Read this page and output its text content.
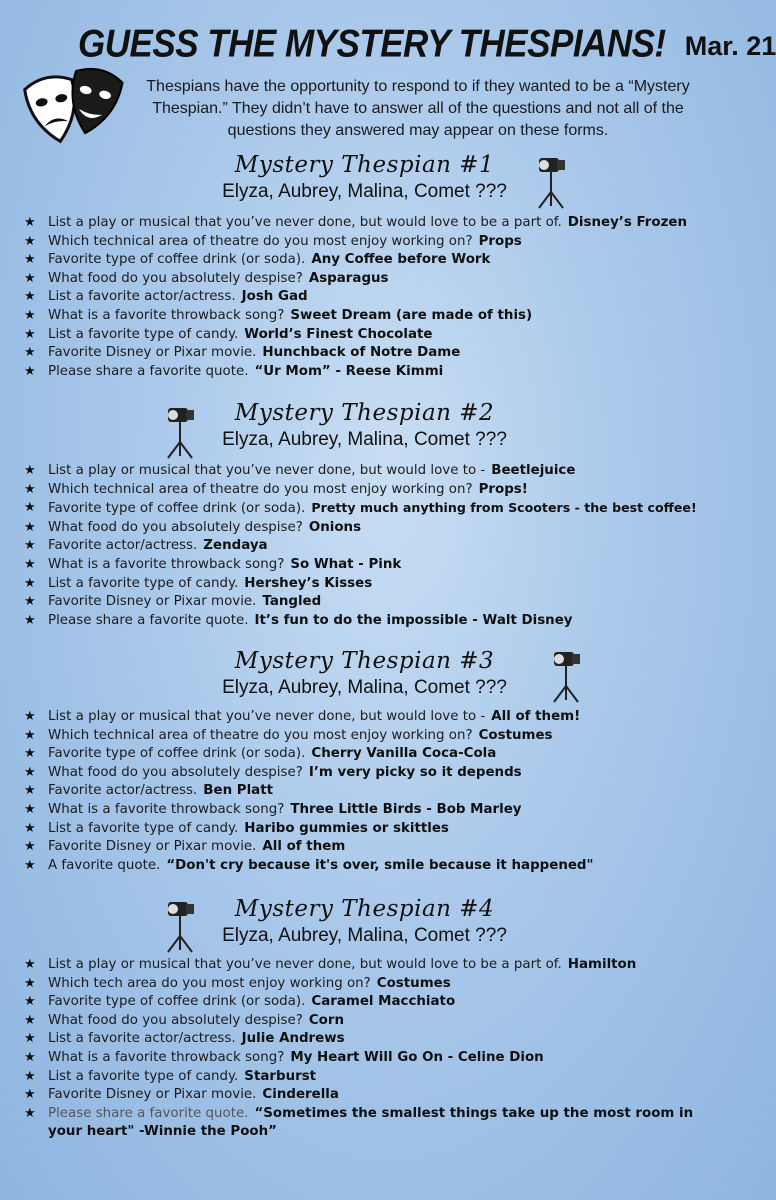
GUESS THE MYSTERY THESPIANS! Mar. 21
Thespians have the opportunity to respond to if they wanted to be a “Mystery Thespian.” They didn’t have to answer all of the questions and not all of the questions they answered may appear on these forms.
Mystery Thespian #1
Elyza, Aubrey, Malina, Comet ???
★ List a play or musical that you’ve never done, but would love to be a part of. Disney’s Frozen
★ Which technical area of theatre do you most enjoy working on? Props
★ Favorite type of coffee drink (or soda). Any Coffee before Work
★ What food do you absolutely despise? Asparagus
★ List a favorite actor/actress. Josh Gad
★ What is a favorite throwback song? Sweet Dream (are made of this)
★ List a favorite type of candy. World’s Finest Chocolate
★ Favorite Disney or Pixar movie. Hunchback of Notre Dame
★ Please share a favorite quote. “Ur Mom” - Reese Kimmi
Mystery Thespian #2
Elyza, Aubrey, Malina, Comet ???
★ List a play or musical that you’ve never done, but would love to - Beetlejuice
★ Which technical area of theatre do you most enjoy working on? Props!
★ Favorite type of coffee drink (or soda). Pretty much anything from Scooters - the best coffee!
★ What food do you absolutely despise? Onions
★ Favorite actor/actress. Zendaya
★ What is a favorite throwback song? So What - Pink
★ List a favorite type of candy. Hershey’s Kisses
★ Favorite Disney or Pixar movie. Tangled
★ Please share a favorite quote. It’s fun to do the impossible - Walt Disney
Mystery Thespian #3
Elyza, Aubrey, Malina, Comet ???
★ List a play or musical that you’ve never done, but would love to - All of them!
★ Which technical area of theatre do you most enjoy working on? Costumes
★ Favorite type of coffee drink (or soda). Cherry Vanilla Coca-Cola
★ What food do you absolutely despise? I’m very picky so it depends
★ Favorite actor/actress. Ben Platt
★ What is a favorite throwback song? Three Little Birds - Bob Marley
★ List a favorite type of candy. Haribo gummies or skittles
★ Favorite Disney or Pixar movie. All of them
★ A favorite quote. “Don't cry because it's over, smile because it happened"
Mystery Thespian #4
Elyza, Aubrey, Malina, Comet ???
★ List a play or musical that you’ve never done, but would love to be a part of. Hamilton
★ Which tech area do you most enjoy working on? Costumes
★ Favorite type of coffee drink (or soda). Caramel Macchiato
★ What food do you absolutely despise? Corn
★ List a favorite actor/actress. Julie Andrews
★ What is a favorite throwback song? My Heart Will Go On - Celine Dion
★ List a favorite type of candy. Starburst
★ Favorite Disney or Pixar movie. Cinderella
★ Please share a favorite quote. “Sometimes the smallest things take up the most room in your heart" -Winnie the Pooh”
